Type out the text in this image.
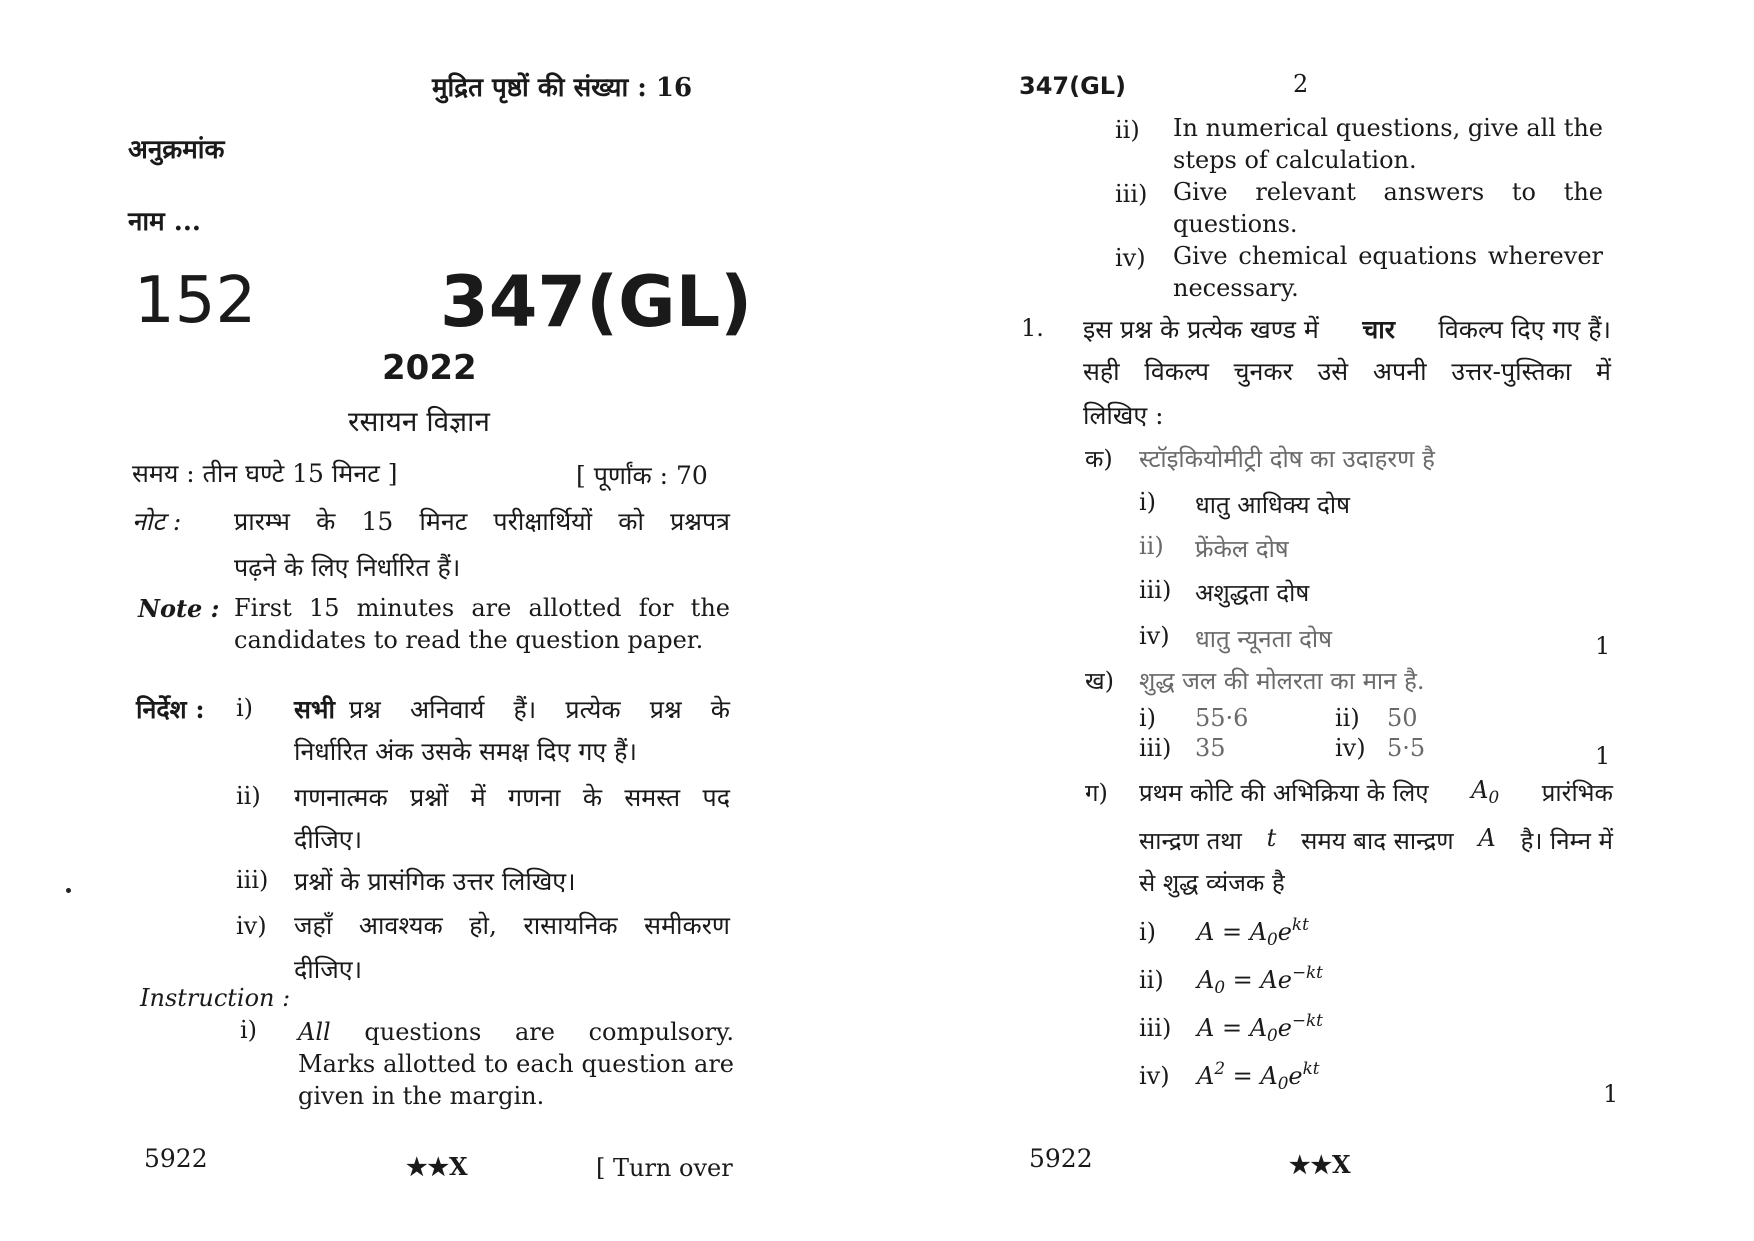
मुद्रित पृष्ठों की संख्या : 16
अनुक्रमांक
नाम ...
152	347(GL)
2022
रसायन विज्ञान
समय : तीन घण्टे 15 मिनट ]	[ पूर्णांक : 70
नोट : प्रारम्भ के 15 मिनट परीक्षार्थियों को प्रश्नपत्र
पढ़ने के लिए निर्धारित हैं।
Note : First 15 minutes are allotted for the candidates to read the question paper.
निर्देश : i) सभी प्रश्न अनिवार्य हैं। प्रत्येक प्रश्न के
निर्धारित अंक उसके समक्ष दिए गए हैं।
ii) गणनात्मक प्रश्नों में गणना के समस्त पद
दीजिए।
iii) प्रश्नों के प्रासंगिक उत्तर लिखिए।
iv) जहाँ आवश्यक हो, रासायनिक समीकरण
दीजिए।
Instruction :
i) All questions are compulsory. Marks allotted to each question are given in the margin.
5922	★★X	[ Turn over
347(GL)	2
ii) In numerical questions, give all the steps of calculation.
iii) Give relevant answers to the questions.
iv) Give chemical equations wherever necessary.
1. इस प्रश्न के प्रत्येक खण्ड में चार विकल्प दिए गए हैं।
सही विकल्प चुनकर उसे अपनी उत्तर-पुस्तिका में
लिखिए :
क) स्टॉइकियोमीट्री दोष का उदाहरण है
i) धातु आधिक्य दोष
ii) फ्रेंकेल दोष
iii) अशुद्धता दोष
iv) धातु न्यूनता दोष	1
ख) शुद्ध जल की मोलरता का मान है.
i) 55·6	ii) 50
iii) 35	iv) 5·5	1
ग) प्रथम कोटि की अभिक्रिया के लिए $A_0$ प्रारंभिक
सान्द्रण तथा t समय बाद सान्द्रण A है। निम्न में
से शुद्ध व्यंजक है
i) $A = A_0e^{kt}$
ii) $A_0 = Ae^{-kt}$
iii) $A = A_0e^{-kt}$
iv) $A^2 = A_0e^{kt}$
1
5922	★★X
